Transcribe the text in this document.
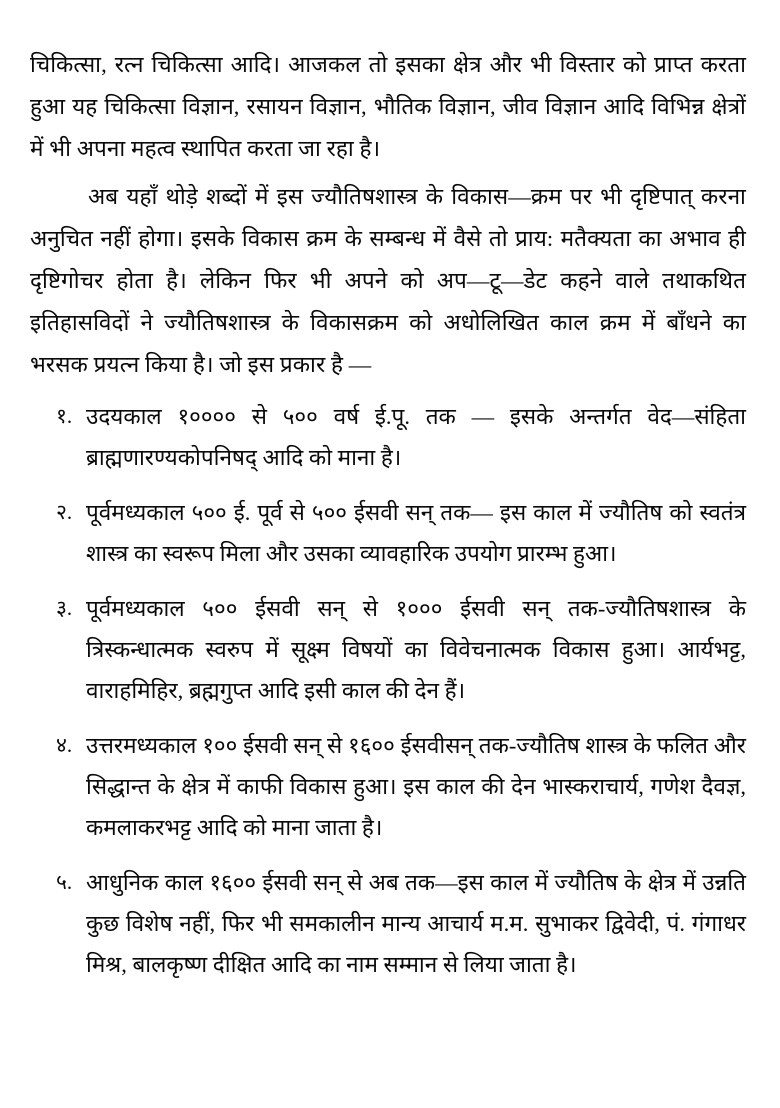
चिकित्सा, रत्न चिकित्सा आदि। आजकल तो इसका क्षेत्र और भी विस्तार को प्राप्त करता हुआ यह चिकित्सा विज्ञान, रसायन विज्ञान, भौतिक विज्ञान, जीव विज्ञान आदि विभिन्न क्षेत्रों में भी अपना महत्व स्थापित करता जा रहा है।

अब यहाँ थोड़े शब्दों में इस ज्यौतिषशास्त्र के विकास—क्रम पर भी दृष्टिपात् करना अनुचित नहीं होगा। इसके विकास क्रम के सम्बन्ध में वैसे तो प्राय: मतैक्यता का अभाव ही दृष्टिगोचर होता है। लेकिन फिर भी अपने को अप—टू—डेट कहने वाले तथाकथित इतिहासविदों ने ज्यौतिषशास्त्र के विकासक्रम को अधोलिखित काल क्रम में बाँधने का भरसक प्रयत्न किया है। जो इस प्रकार है —

१. उदयकाल १०००० से ५०० वर्ष ई.पू. तक — इसके अन्तर्गत वेद—संहिता ब्राह्मणारण्यकोपनिषद् आदि को माना है।
२. पूर्वमध्यकाल ५०० ई. पूर्व से ५०० ईसवी सन् तक— इस काल में ज्यौतिष को स्वतंत्र शास्त्र का स्वरूप मिला और उसका व्यावहारिक उपयोग प्रारम्भ हुआ।
३. पूर्वमध्यकाल ५०० ईसवी सन् से १००० ईसवी सन् तक-ज्यौतिषशास्त्र के त्रिस्कन्धात्मक स्वरुप में सूक्ष्म विषयों का विवेचनात्मक विकास हुआ। आर्यभट्ट, वाराहमिहिर, ब्रह्मगुप्त आदि इसी काल की देन हैं।
४. उत्तरमध्यकाल १०० ईसवी सन् से १६०० ईसवीसन् तक-ज्यौतिष शास्त्र के फलित और सिद्धान्त के क्षेत्र में काफी विकास हुआ। इस काल की देन भास्कराचार्य, गणेश दैवज्ञ, कमलाकरभट्ट आदि को माना जाता है।
५. आधुनिक काल १६०० ईसवी सन् से अब तक—इस काल में ज्यौतिष के क्षेत्र में उन्नति कुछ विशेष नहीं, फिर भी समकालीन मान्य आचार्य म.म. सुभाकर द्विवेदी, पं. गंगाधर मिश्र, बालकृष्ण दीक्षित आदि का नाम सम्मान से लिया जाता है।
